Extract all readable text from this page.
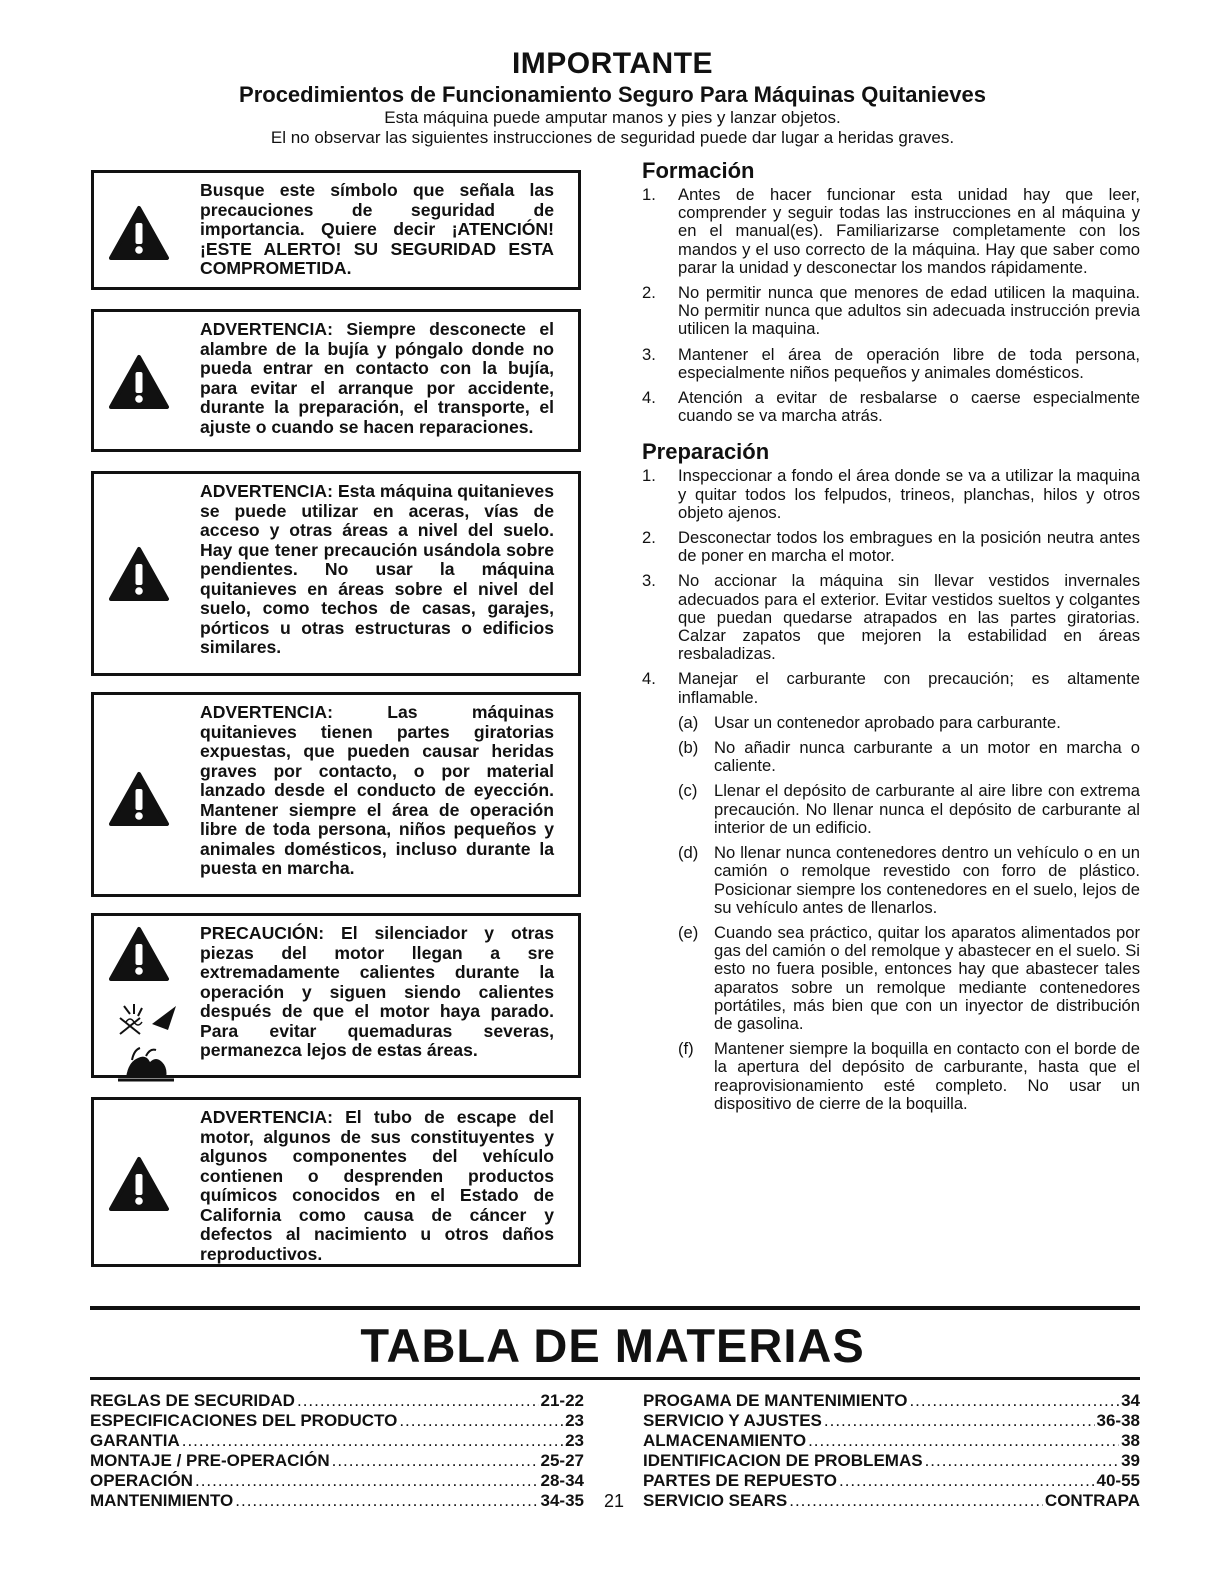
IMPORTANTE
Procedimientos de Funcionamiento Seguro Para Máquinas Quitanieves
Esta máquina puede amputar manos y pies y lanzar objetos.
El no observar las siguientes instrucciones de seguridad puede dar lugar a heridas graves.
Busque este símbolo que señala las precauciones de seguridad de importancia. Quiere decir ¡ATENCIÓN! ¡ESTE ALERTO! SU SEGURIDAD ESTA COMPROMETIDA.
ADVERTENCIA: Siempre desconecte el alambre de la bujía y póngalo donde no pueda entrar en contacto con la bujía, para evitar el arranque por accidente, durante la preparación, el transporte, el ajuste o cuando se hacen reparaciones.
ADVERTENCIA: Esta máquina quitanieves se puede utilizar en aceras, vías de acceso y otras áreas a nivel del suelo. Hay que tener precaución usándola sobre pendientes. No usar la máquina quitanieves en áreas sobre el nivel del suelo, como techos de casas, garajes, pórticos u otras estructuras o edificios similares.
ADVERTENCIA: Las máquinas quitanieves tienen partes giratorias expuestas, que pueden causar heridas graves por contacto, o por material lanzado desde el conducto de eyección. Mantener siempre el área de operación libre de toda persona, niños pequeños y animales domésticos, incluso durante la puesta en marcha.
PRECAUCIÓN: El silenciador y otras piezas del motor llegan a sre extremadamente calientes durante la operación y siguen siendo calientes después de que el motor haya parado. Para evitar quemaduras severas, permanezca lejos de estas áreas.
ADVERTENCIA: El tubo de escape del motor, algunos de sus constituyentes y algunos componentes del vehículo contienen o desprenden productos químicos conocidos en el Estado de California como causa de cáncer y defectos al nacimiento u otros daños reproductivos.
Formación
1. Antes de hacer funcionar esta unidad hay que leer, comprender y seguir todas las instrucciones en al máquina y en el manual(es). Familiarizarse completamente con los mandos y el uso correcto de la máquina. Hay que saber como parar la unidad y desconectar los mandos rápidamente.
2. No permitir nunca que menores de edad utilicen la maquina. No permitir nunca que adultos sin adecuada instrucción previa utilicen la maquina.
3. Mantener el área de operación libre de toda persona, especialmente niños pequeños y animales domésticos.
4. Atención a evitar de resbalarse o caerse especialmente cuando se va marcha atrás.
Preparación
1. Inspeccionar a fondo el área donde se va a utilizar la maquina y quitar todos los felpudos, trineos, planchas, hilos y otros objeto ajenos.
2. Desconectar todos los embragues en la posición neutra antes de poner en marcha el motor.
3. No accionar la máquina sin llevar vestidos invernales adecuados para el exterior. Evitar vestidos sueltos y colgantes que puedan quedarse atrapados en las partes giratorias. Calzar zapatos que mejoren la estabilidad en áreas resbaladizas.
4. Manejar el carburante con precaución; es altamente inflamable.
(a) Usar un contenedor aprobado para carburante.
(b) No añadir nunca carburante a un motor en marcha o caliente.
(c) Llenar el depósito de carburante al aire libre con extrema precaución. No llenar nunca el depósito de carburante al interior de un edificio.
(d) No llenar nunca contenedores dentro un vehículo o en un camión o remolque revestido con forro de plástico. Posicionar siempre los contenedores en el suelo, lejos de su vehículo antes de llenarlos.
(e) Cuando sea práctico, quitar los aparatos alimentados por gas del camión o del remolque y abastecer en el suelo. Si esto no fuera posible, entonces hay que abastecer tales aparatos sobre un remolque mediante contenedores portátiles, más bien que con un inyector de distribución de gasolina.
(f) Mantener siempre la boquilla en contacto con el borde de la apertura del depósito de carburante, hasta que el reaprovisionamiento esté completo. No usar un dispositivo de cierre de la boquilla.
TABLA DE MATERIAS
REGLAS DE SECURIDAD .....	21-22
ESPECIFICACIONES DEL PRODUCTO .....	23
GARANTIA .....	23
MONTAJE / PRE-OPERACIÓN .....	25-27
OPERACIÓN .....	28-34
MANTENIMIENTO .....	34-35 21
PROGAMA DE MANTENIMIENTO .....	34
SERVICIO Y AJUSTES .....	36-38
ALMACENAMIENTO .....	38
IDENTIFICACION DE PROBLEMAS .....	39
PARTES DE REPUESTO .....	40-55
SERVICIO SEARS .....	CONTRAPA
